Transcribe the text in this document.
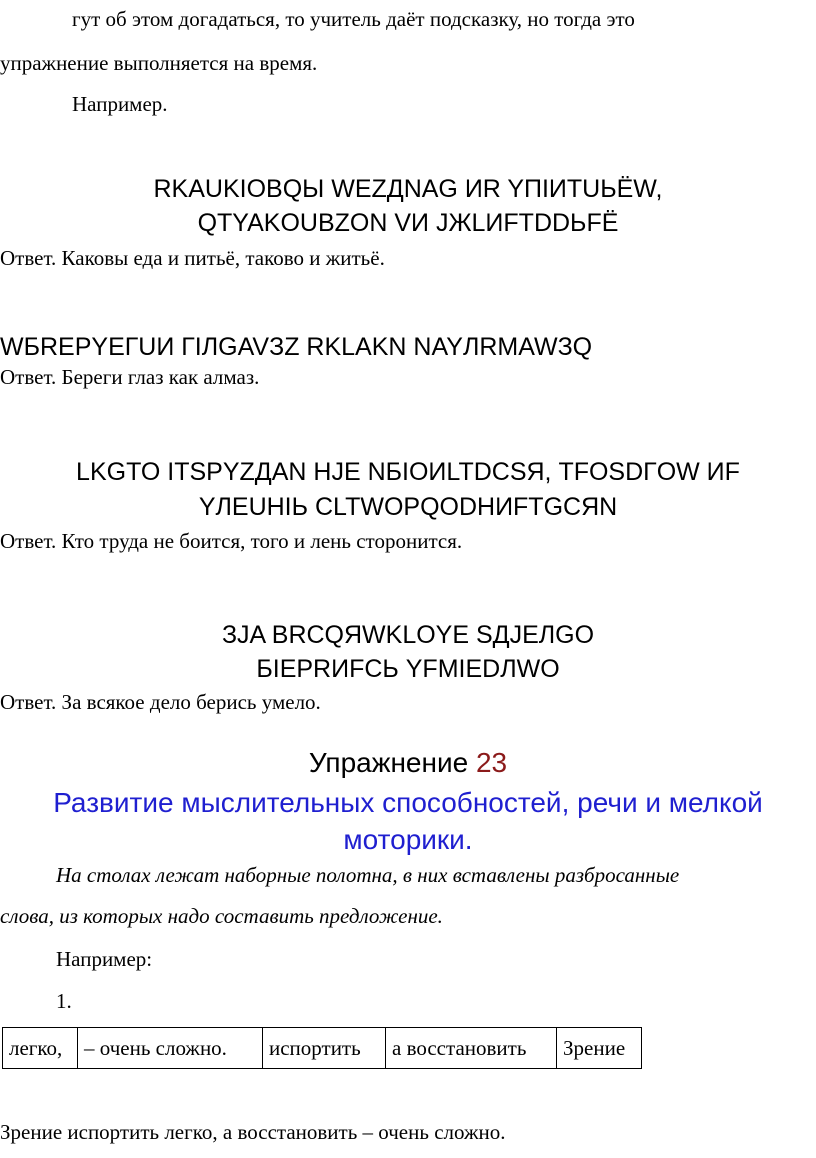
гут об этом догадаться, то учитель даёт подсказку, но тогда это

упражнение выполняется на время.

Например.

RKAUKIOBQЫ WEZДNAG ИR YПIИTUЬЁW,

QTYAKOUBZON VИ JЖLИFTDDЬFЁ

Ответ. Каковы еда и питьё, таково и житьё.

WБREPYEГUИ ГIЛGAVЗZ RKLAKN NAYЛRMAWЗQ

Ответ. Береги глаз как алмаз.

LKGTO ITSPYZДAN HJE NБIOИLTDCSЯ, TFOSDГOW ИF

YЛEUHIЬ CLTWOPQODHИFTGCЯN

Ответ. Кто труда не боится, того и лень сторонится.

ЗJA BRCQЯWKLOYE SДJEЛGO

БIEPRИFCЬ YFMIEDЛWO

Ответ. За всякое дело берись умело.

Упражнение 23

Развитие мыслительных способностей, речи и мелкой

моторики.

На столах лежат наборные полотна, в них вставлены разбросанные

слова, из которых надо составить предложение.

Например:

1.

легко,	– очень сложно.	испортить	а восстановить	Зрение

Зрение испортить легко, а восстановить – очень сложно.
